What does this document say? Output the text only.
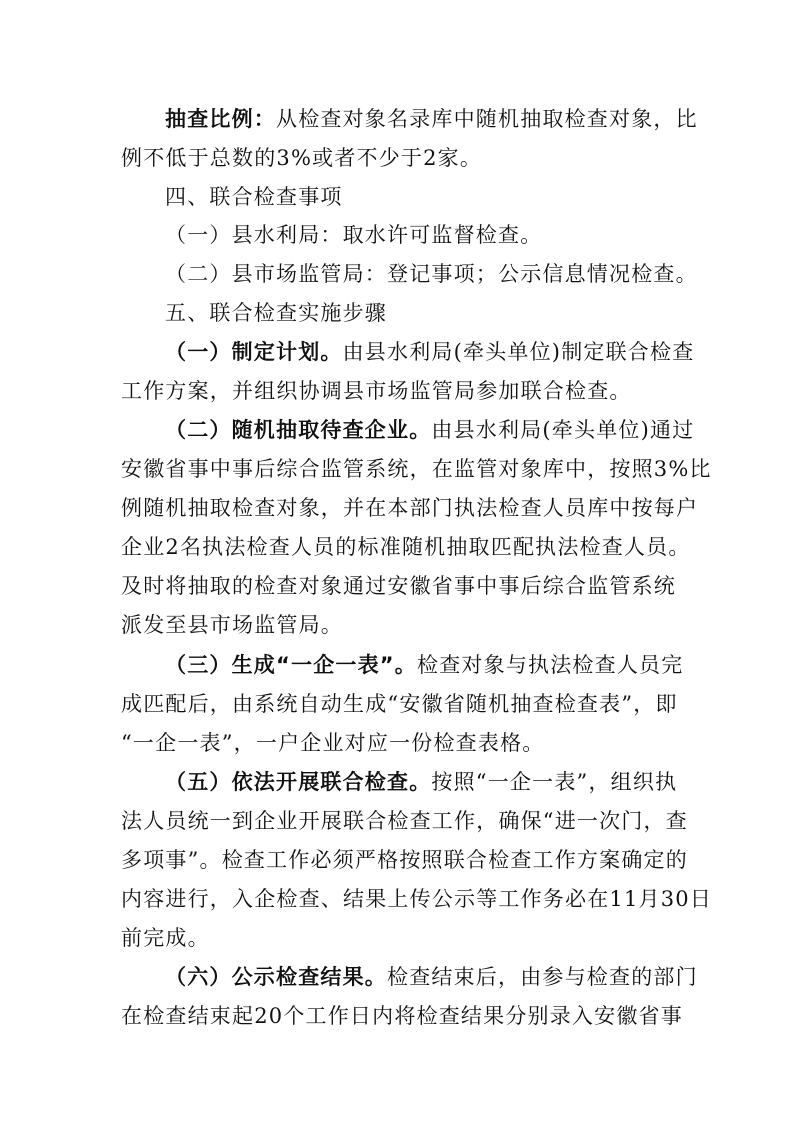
抽查比例：从检查对象名录库中随机抽取检查对象，比
例不低于总数的3%或者不少于2家。
四、联合检查事项
（一）县水利局：取水许可监督检查。
（二）县市场监管局：登记事项；公示信息情况检查。
五、联合检查实施步骤
（一）制定计划。由县水利局(牵头单位)制定联合检查
工作方案，并组织协调县市场监管局参加联合检查。
（二）随机抽取待查企业。由县水利局(牵头单位)通过
安徽省事中事后综合监管系统，在监管对象库中，按照3%比
例随机抽取检查对象，并在本部门执法检查人员库中按每户
企业2名执法检查人员的标准随机抽取匹配执法检查人员。
及时将抽取的检查对象通过安徽省事中事后综合监管系统
派发至县市场监管局。
（三）生成“一企一表”。检查对象与执法检查人员完
成匹配后，由系统自动生成“安徽省随机抽查检查表”，即
“一企一表”，一户企业对应一份检查表格。
（五）依法开展联合检查。按照“一企一表”，组织执
法人员统一到企业开展联合检查工作，确保“进一次门，查
多项事”。检查工作必须严格按照联合检查工作方案确定的
内容进行，入企检查、结果上传公示等工作务必在11月30日
前完成。
（六）公示检查结果。检查结束后，由参与检查的部门
在检查结束起20个工作日内将检查结果分别录入安徽省事
